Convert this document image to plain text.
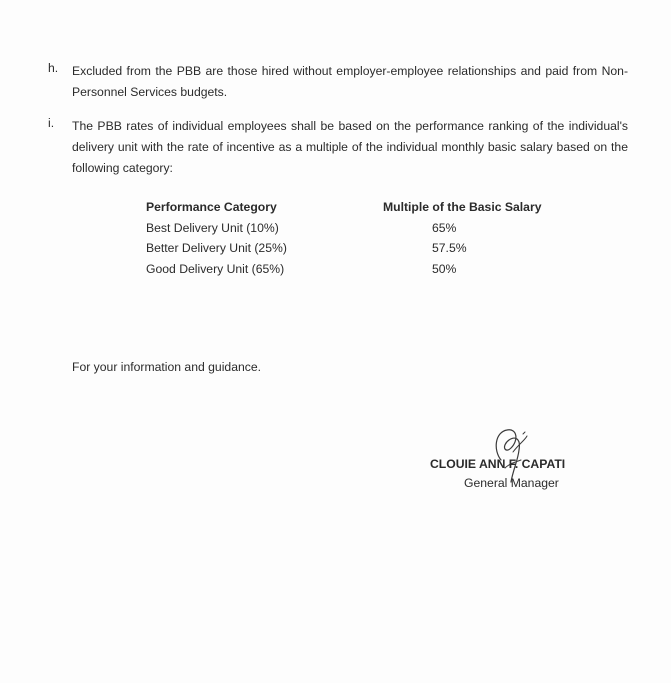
h.	Excluded from the PBB are those hired without employer-employee relationships and paid from Non-Personnel Services budgets.
i.	The PBB rates of individual employees shall be based on the performance ranking of the individual's delivery unit with the rate of incentive as a multiple of the individual monthly basic salary based on the following category:
Performance Category	Multiple of the Basic Salary
Best Delivery Unit (10%)	65%
Better Delivery Unit (25%)	57.5%
Good Delivery Unit (65%)	50%
For your information and guidance.
CLOUIE ANN F. CAPATI
General Manager
